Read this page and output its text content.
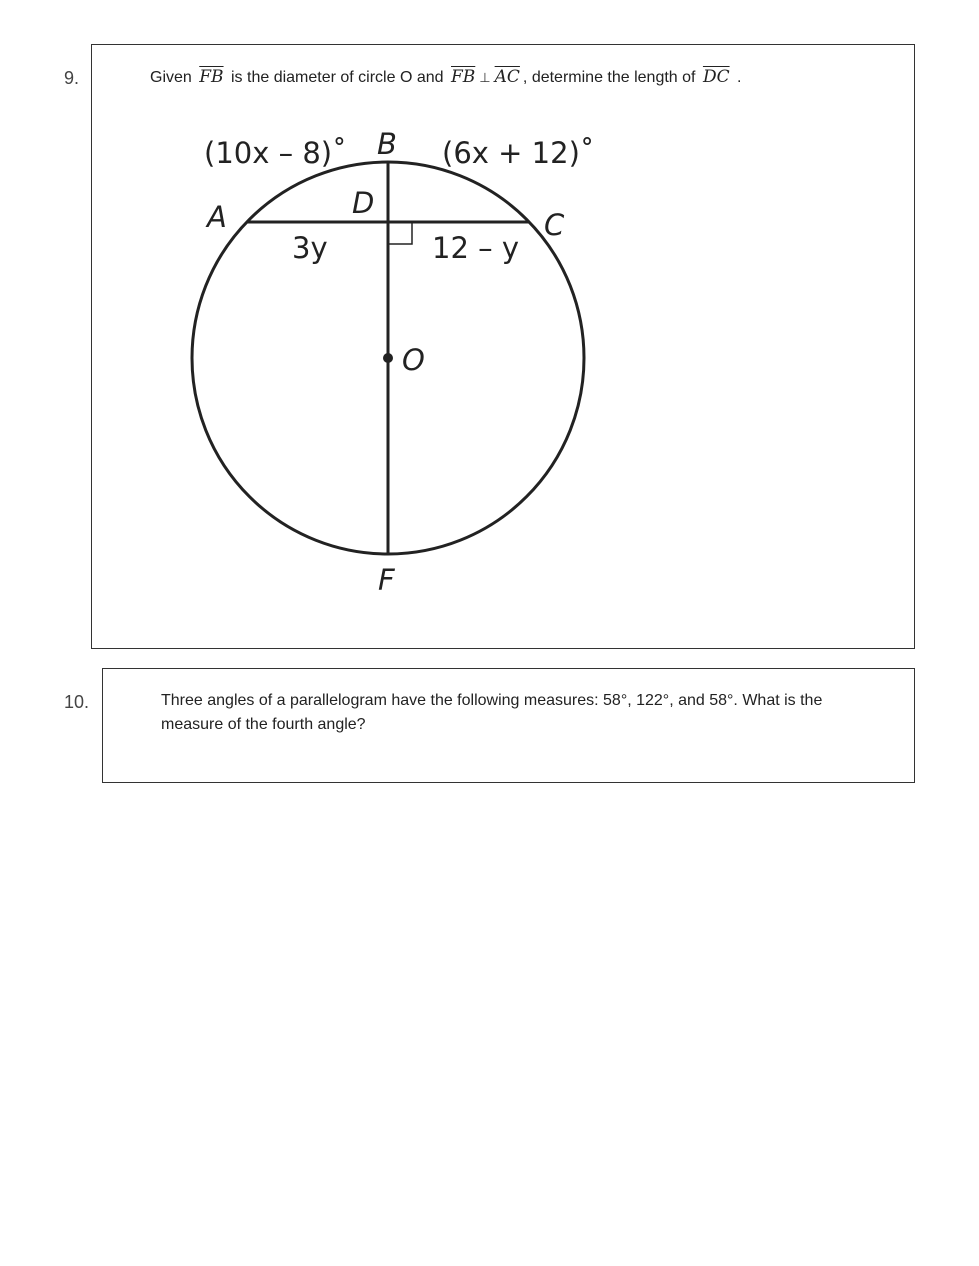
9.	Given $\overline{FB}$ is the diameter of circle O and $\overline{FB}$ ⊥ $\overline{AC}$ , determine the length of $\overline{DC}$ .
(10x – 8)˚	(6x + 12)˚
B
A	C
D
O
F
3y	12 – y
10.	Three angles of a parallelogram have the following measures: 58°, 122°, and 58°. What is the
measure of the fourth angle?
